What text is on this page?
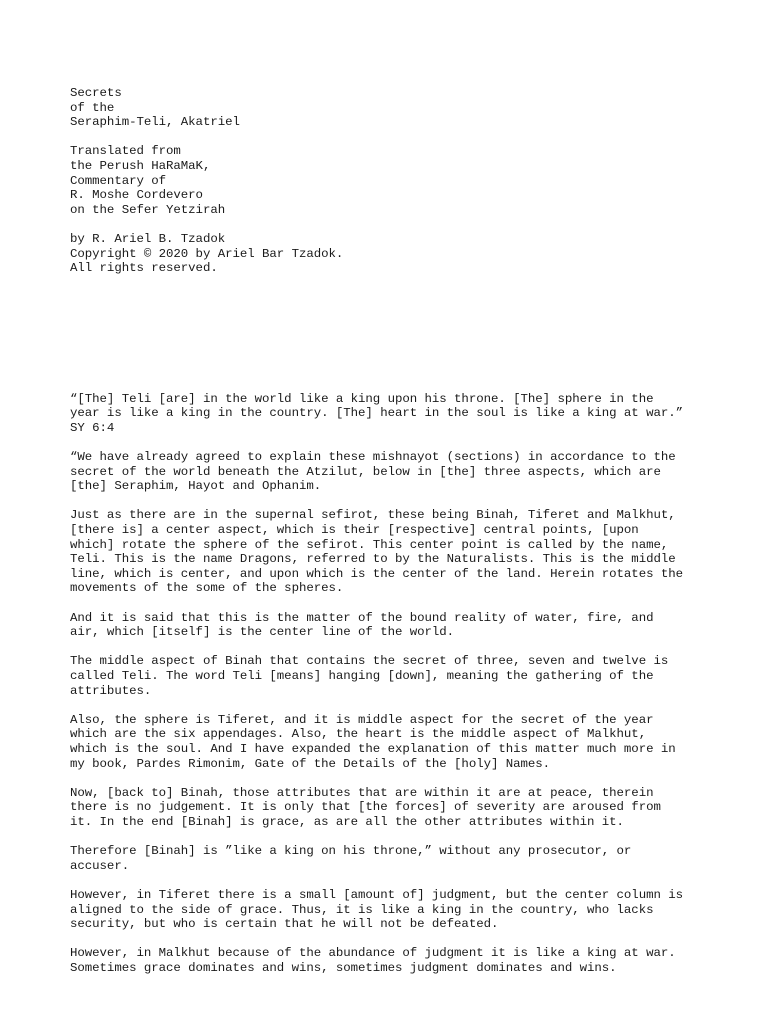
Secrets
of the
Seraphim-Teli, Akatriel
Translated from
the Perush HaRaMaK,
Commentary of
R. Moshe Cordevero
on the Sefer Yetzirah
by R. Ariel B. Tzadok
Copyright © 2020 by Ariel Bar Tzadok.
All rights reserved.

“[The] Teli [are] in the world like a king upon his throne. [The] sphere in the
year is like a king in the country. [The] heart in the soul is like a king at war.”
SY 6:4

“We have already agreed to explain these mishnayot (sections) in accordance to the
secret of the world beneath the Atzilut, below in [the] three aspects, which are
[the] Seraphim, Hayot and Ophanim.

Just as there are in the supernal sefirot, these being Binah, Tiferet and Malkhut,
[there is] a center aspect, which is their [respective] central points, [upon
which] rotate the sphere of the sefirot. This center point is called by the name,
Teli. This is the name Dragons, referred to by the Naturalists. This is the middle
line, which is center, and upon which is the center of the land. Herein rotates the
movements of the some of the spheres.

And it is said that this is the matter of the bound reality of water, fire, and
air, which [itself] is the center line of the world.

The middle aspect of Binah that contains the secret of three, seven and twelve is
called Teli. The word Teli [means] hanging [down], meaning the gathering of the
attributes.

Also, the sphere is Tiferet, and it is middle aspect for the secret of the year
which are the six appendages. Also, the heart is the middle aspect of Malkhut,
which is the soul. And I have expanded the explanation of this matter much more in
my book, Pardes Rimonim, Gate of the Details of the [holy] Names.

Now, [back to] Binah, those attributes that are within it are at peace, therein
there is no judgement. It is only that [the forces] of severity are aroused from
it. In the end [Binah] is grace, as are all the other attributes within it.

Therefore [Binah] is ”like a king on his throne,” without any prosecutor, or
accuser.

However, in Tiferet there is a small [amount of] judgment, but the center column is
aligned to the side of grace. Thus, it is like a king in the country, who lacks
security, but who is certain that he will not be defeated.

However, in Malkhut because of the abundance of judgment it is like a king at war.
Sometimes grace dominates and wins, sometimes judgment dominates and wins.
